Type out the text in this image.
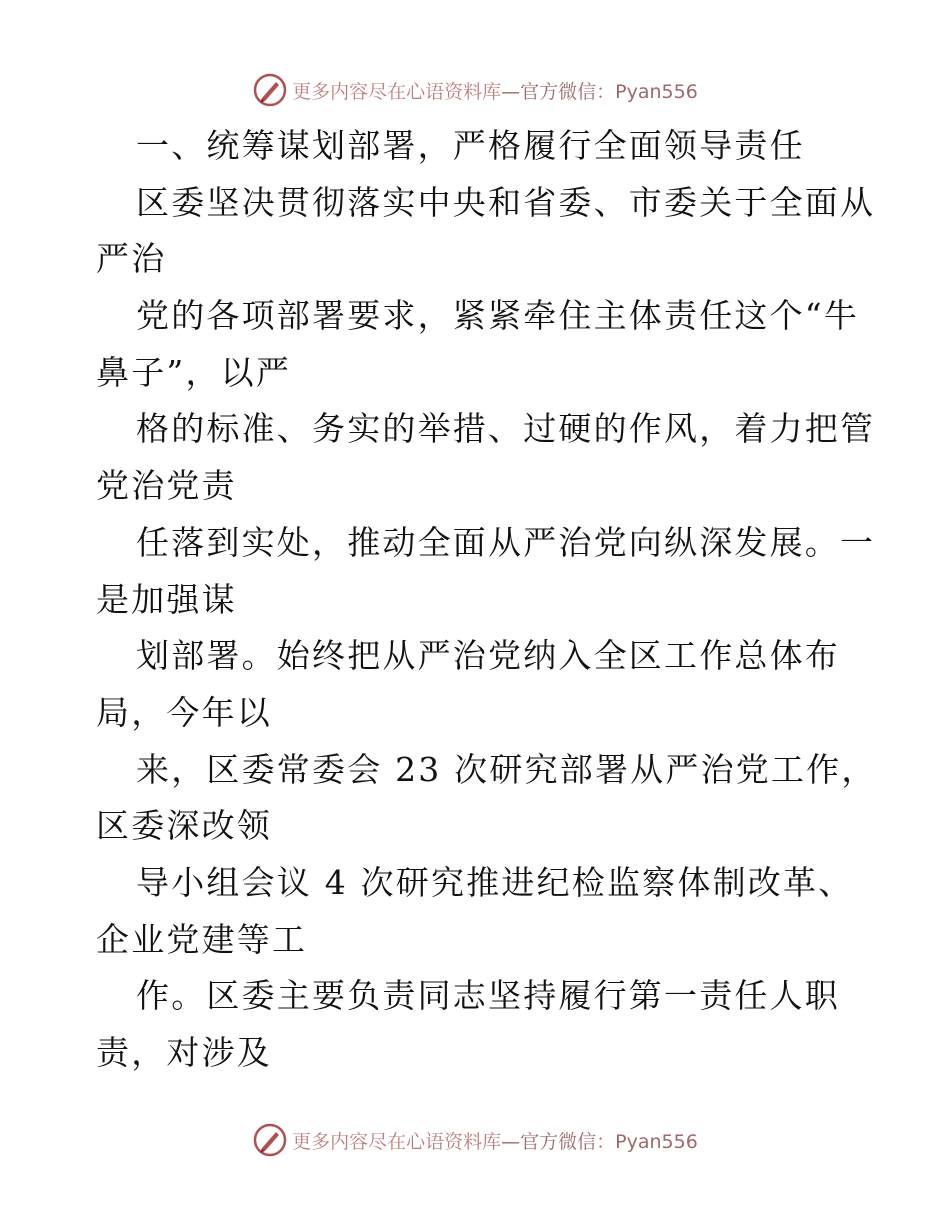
更多内容尽在心语资料库—官方微信：Pyan556
一、统筹谋划部署，严格履行全面领导责任
区委坚决贯彻落实中央和省委、市委关于全面从
严治
党的各项部署要求，紧紧牵住主体责任这个“牛
鼻子”，以严
格的标准、务实的举措、过硬的作风，着力把管
党治党责
任落到实处，推动全面从严治党向纵深发展。一
是加强谋
划部署。始终把从严治党纳入全区工作总体布
局，今年以
来，区委常委会 23 次研究部署从严治党工作，
区委深改领
导小组会议 4 次研究推进纪检监察体制改革、
企业党建等工
作。区委主要负责同志坚持履行第一责任人职
责，对涉及
更多内容尽在心语资料库—官方微信：Pyan556
